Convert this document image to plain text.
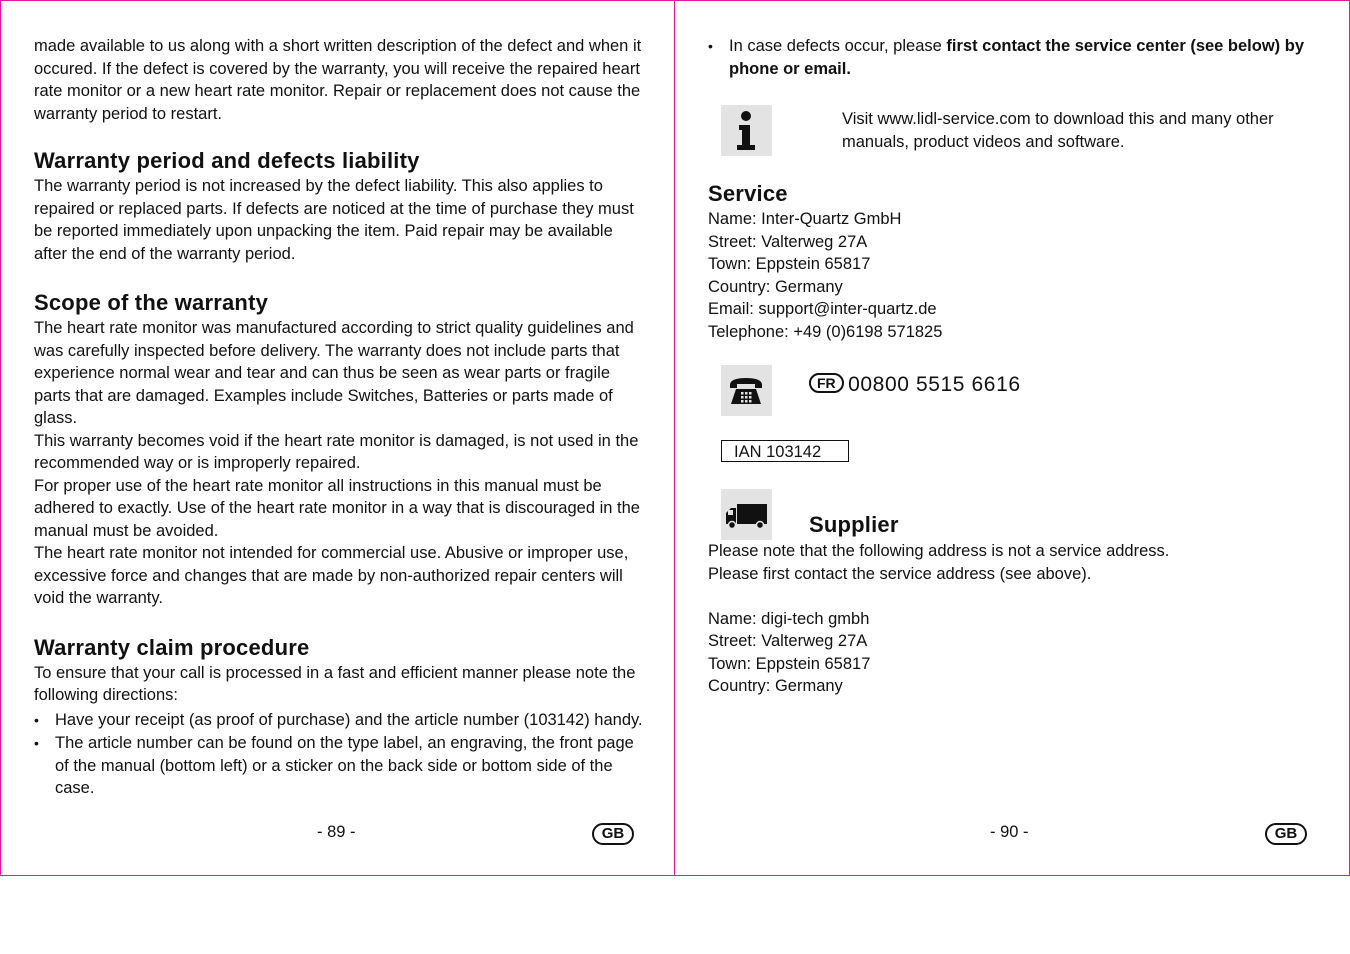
made available to us along with a short written description of the defect and when it occured. If the defect is covered by the warranty, you will receive the repaired heart rate monitor or a new heart rate monitor. Repair or replacement does not cause the warranty period to restart.

Warranty period and defects liability

The warranty period is not increased by the defect liability. This also applies to repaired or replaced parts. If defects are noticed at the time of purchase they must be reported immediately upon unpacking the item. Paid repair may be available after the end of the warranty period.

Scope of the warranty

The heart rate monitor was manufactured according to strict quality guidelines and was carefully inspected before delivery. The warranty does not include parts that experience normal wear and tear and can thus be seen as wear parts or fragile parts that are damaged. Examples include Switches, Batteries or parts made of glass.

This warranty becomes void if the heart rate monitor is damaged, is not used in the recommended way or is improperly repaired.

For proper use of the heart rate monitor all instructions in this manual must be adhered to exactly. Use of the heart rate monitor in a way that is discouraged in the manual must be avoided.

The heart rate monitor not intended for commercial use. Abusive or improper use, excessive force and changes that are made by non-authorized repair centers will void the warranty.

Warranty claim procedure

To ensure that your call is processed in a fast and efficient manner please note the following directions:

• Have your receipt (as proof of purchase) and the article number (103142) handy.
• The article number can be found on the type label, an engraving, the front page of the manual (bottom left) or a sticker on the back side or bottom side of the case.
- 89 -	GB
• In case defects occur, please first contact the service center (see below) by phone or email.

Visit www.lidl-service.com to download this and many other manuals, product videos and software.

Service

Name: Inter-Quartz GmbH

Street: Valterweg 27A

Town: Eppstein 65817

Country: Germany

Email: support@inter-quartz.de

Telephone: +49 (0)6198 571825

FR 00800 5515 6616
IAN 103142
Supplier

Please note that the following address is not a service address.

Please first contact the service address (see above).

Name: digi-tech gmbh

Street: Valterweg 27A

Town: Eppstein 65817

Country: Germany

- 90 -	GB
